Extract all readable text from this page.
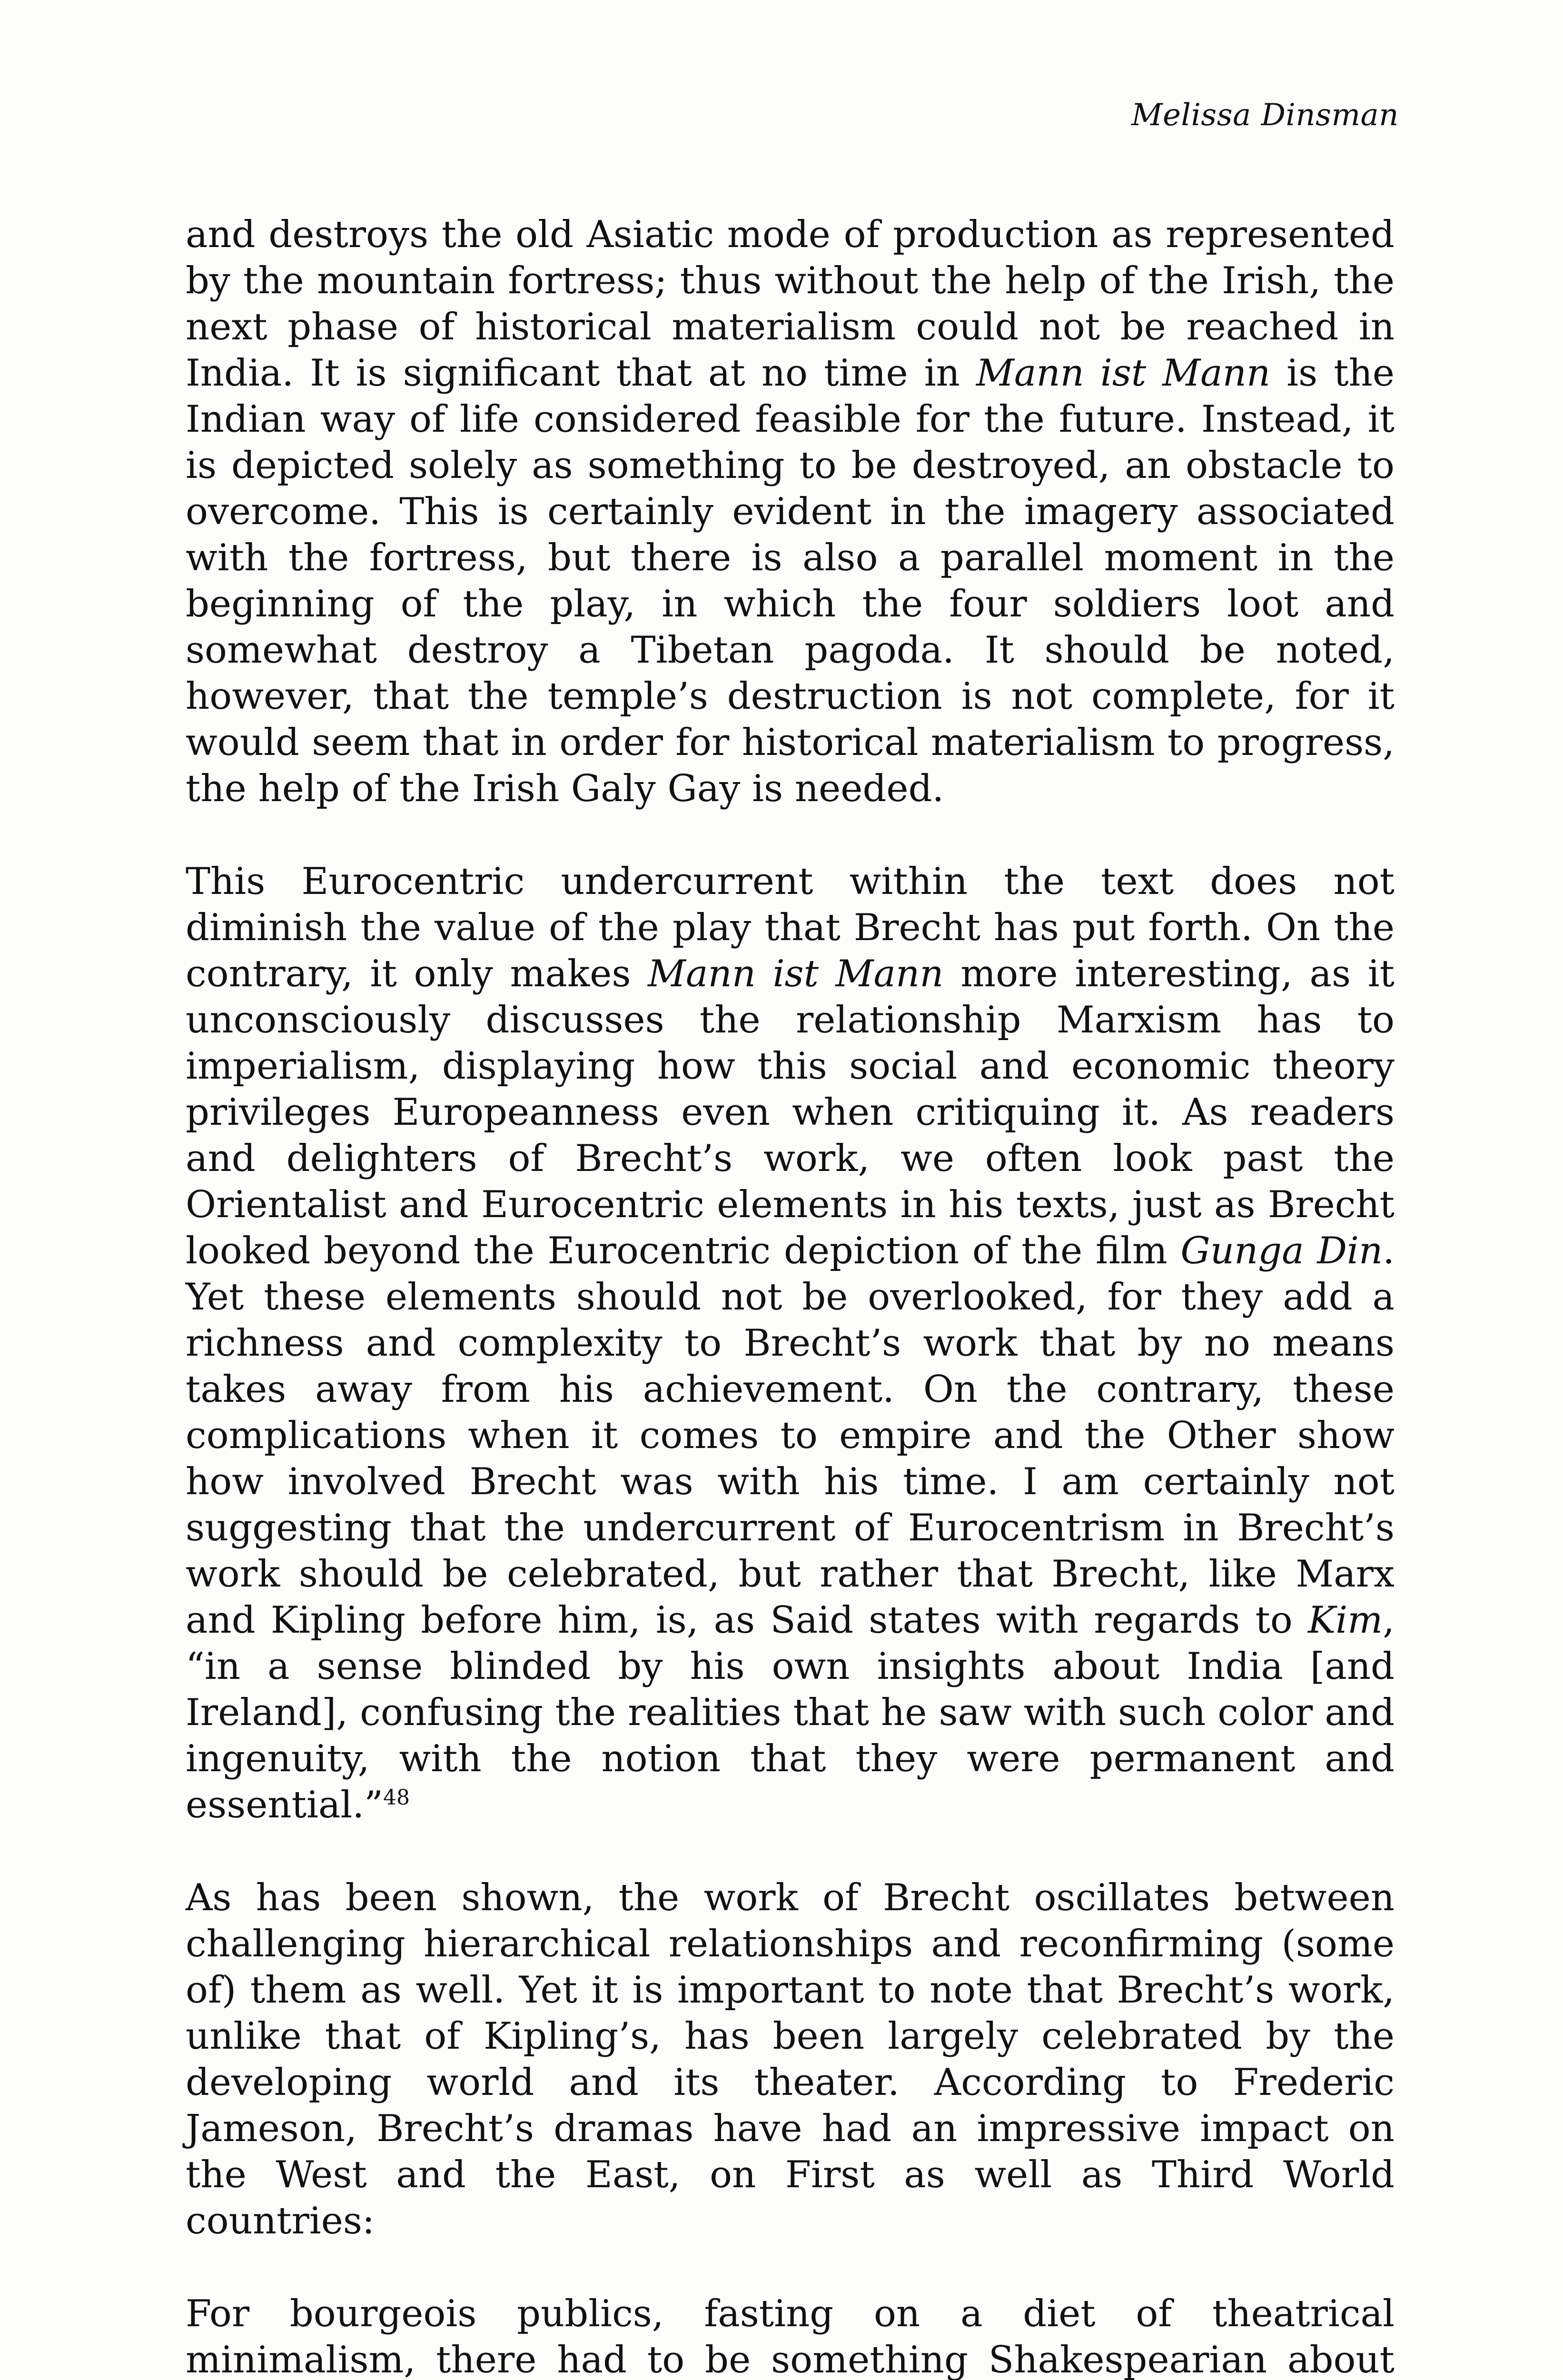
Melissa Dinsman

and destroys the old Asiatic mode of production as represented by the mountain fortress; thus without the help of the Irish, the next phase of historical materialism could not be reached in India. It is significant that at no time in Mann ist Mann is the Indian way of life considered feasible for the future. Instead, it is depicted solely as something to be destroyed, an obstacle to overcome. This is certainly evident in the imagery associated with the fortress, but there is also a parallel moment in the beginning of the play, in which the four soldiers loot and somewhat destroy a Tibetan pagoda. It should be noted, however, that the temple’s destruction is not complete, for it would seem that in order for historical materialism to progress, the help of the Irish Galy Gay is needed.

This Eurocentric undercurrent within the text does not diminish the value of the play that Brecht has put forth. On the contrary, it only makes Mann ist Mann more interesting, as it unconsciously discusses the relationship Marxism has to imperialism, displaying how this social and economic theory privileges Europeanness even when critiquing it. As readers and delighters of Brecht’s work, we often look past the Orientalist and Eurocentric elements in his texts, just as Brecht looked beyond the Eurocentric depiction of the film Gunga Din. Yet these elements should not be overlooked, for they add a richness and complexity to Brecht’s work that by no means takes away from his achievement. On the contrary, these complications when it comes to empire and the Other show how involved Brecht was with his time. I am certainly not suggesting that the undercurrent of Eurocentrism in Brecht’s work should be celebrated, but rather that Brecht, like Marx and Kipling before him, is, as Said states with regards to Kim, “in a sense blinded by his own insights about India [and Ireland], confusing the realities that he saw with such color and ingenuity, with the notion that they were permanent and essential.”$^{48}$

As has been shown, the work of Brecht oscillates between challenging hierarchical relationships and reconfirming (some of) them as well. Yet it is important to note that Brecht’s work, unlike that of Kipling’s, has been largely celebrated by the developing world and its theater. According to Frederic Jameson, Brecht’s dramas have had an impressive impact on the West and the East, on First as well as Third World countries:

For bourgeois publics, fasting on a diet of theatrical minimalism, there had to be something Shakespearian about
